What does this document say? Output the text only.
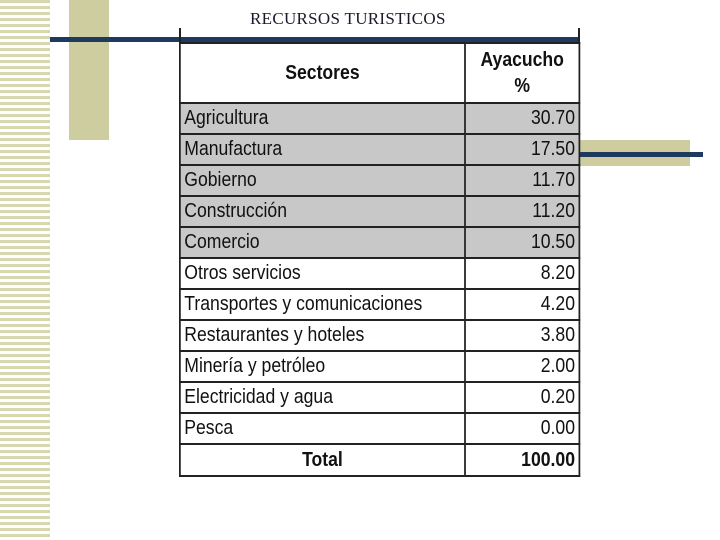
RECURSOS TURISTICOS
Sectores	Ayacucho
%

Agricultura	30.70
Manufactura	17.50
Gobierno	11.70
Construcción	11.20
Comercio	10.50
Otros servicios	8.20
Transportes y comunicaciones	4.20
Restaurantes y hoteles	3.80
Minería y petróleo	2.00
Electricidad y agua	0.20
Pesca	0.00
Total	100.00
